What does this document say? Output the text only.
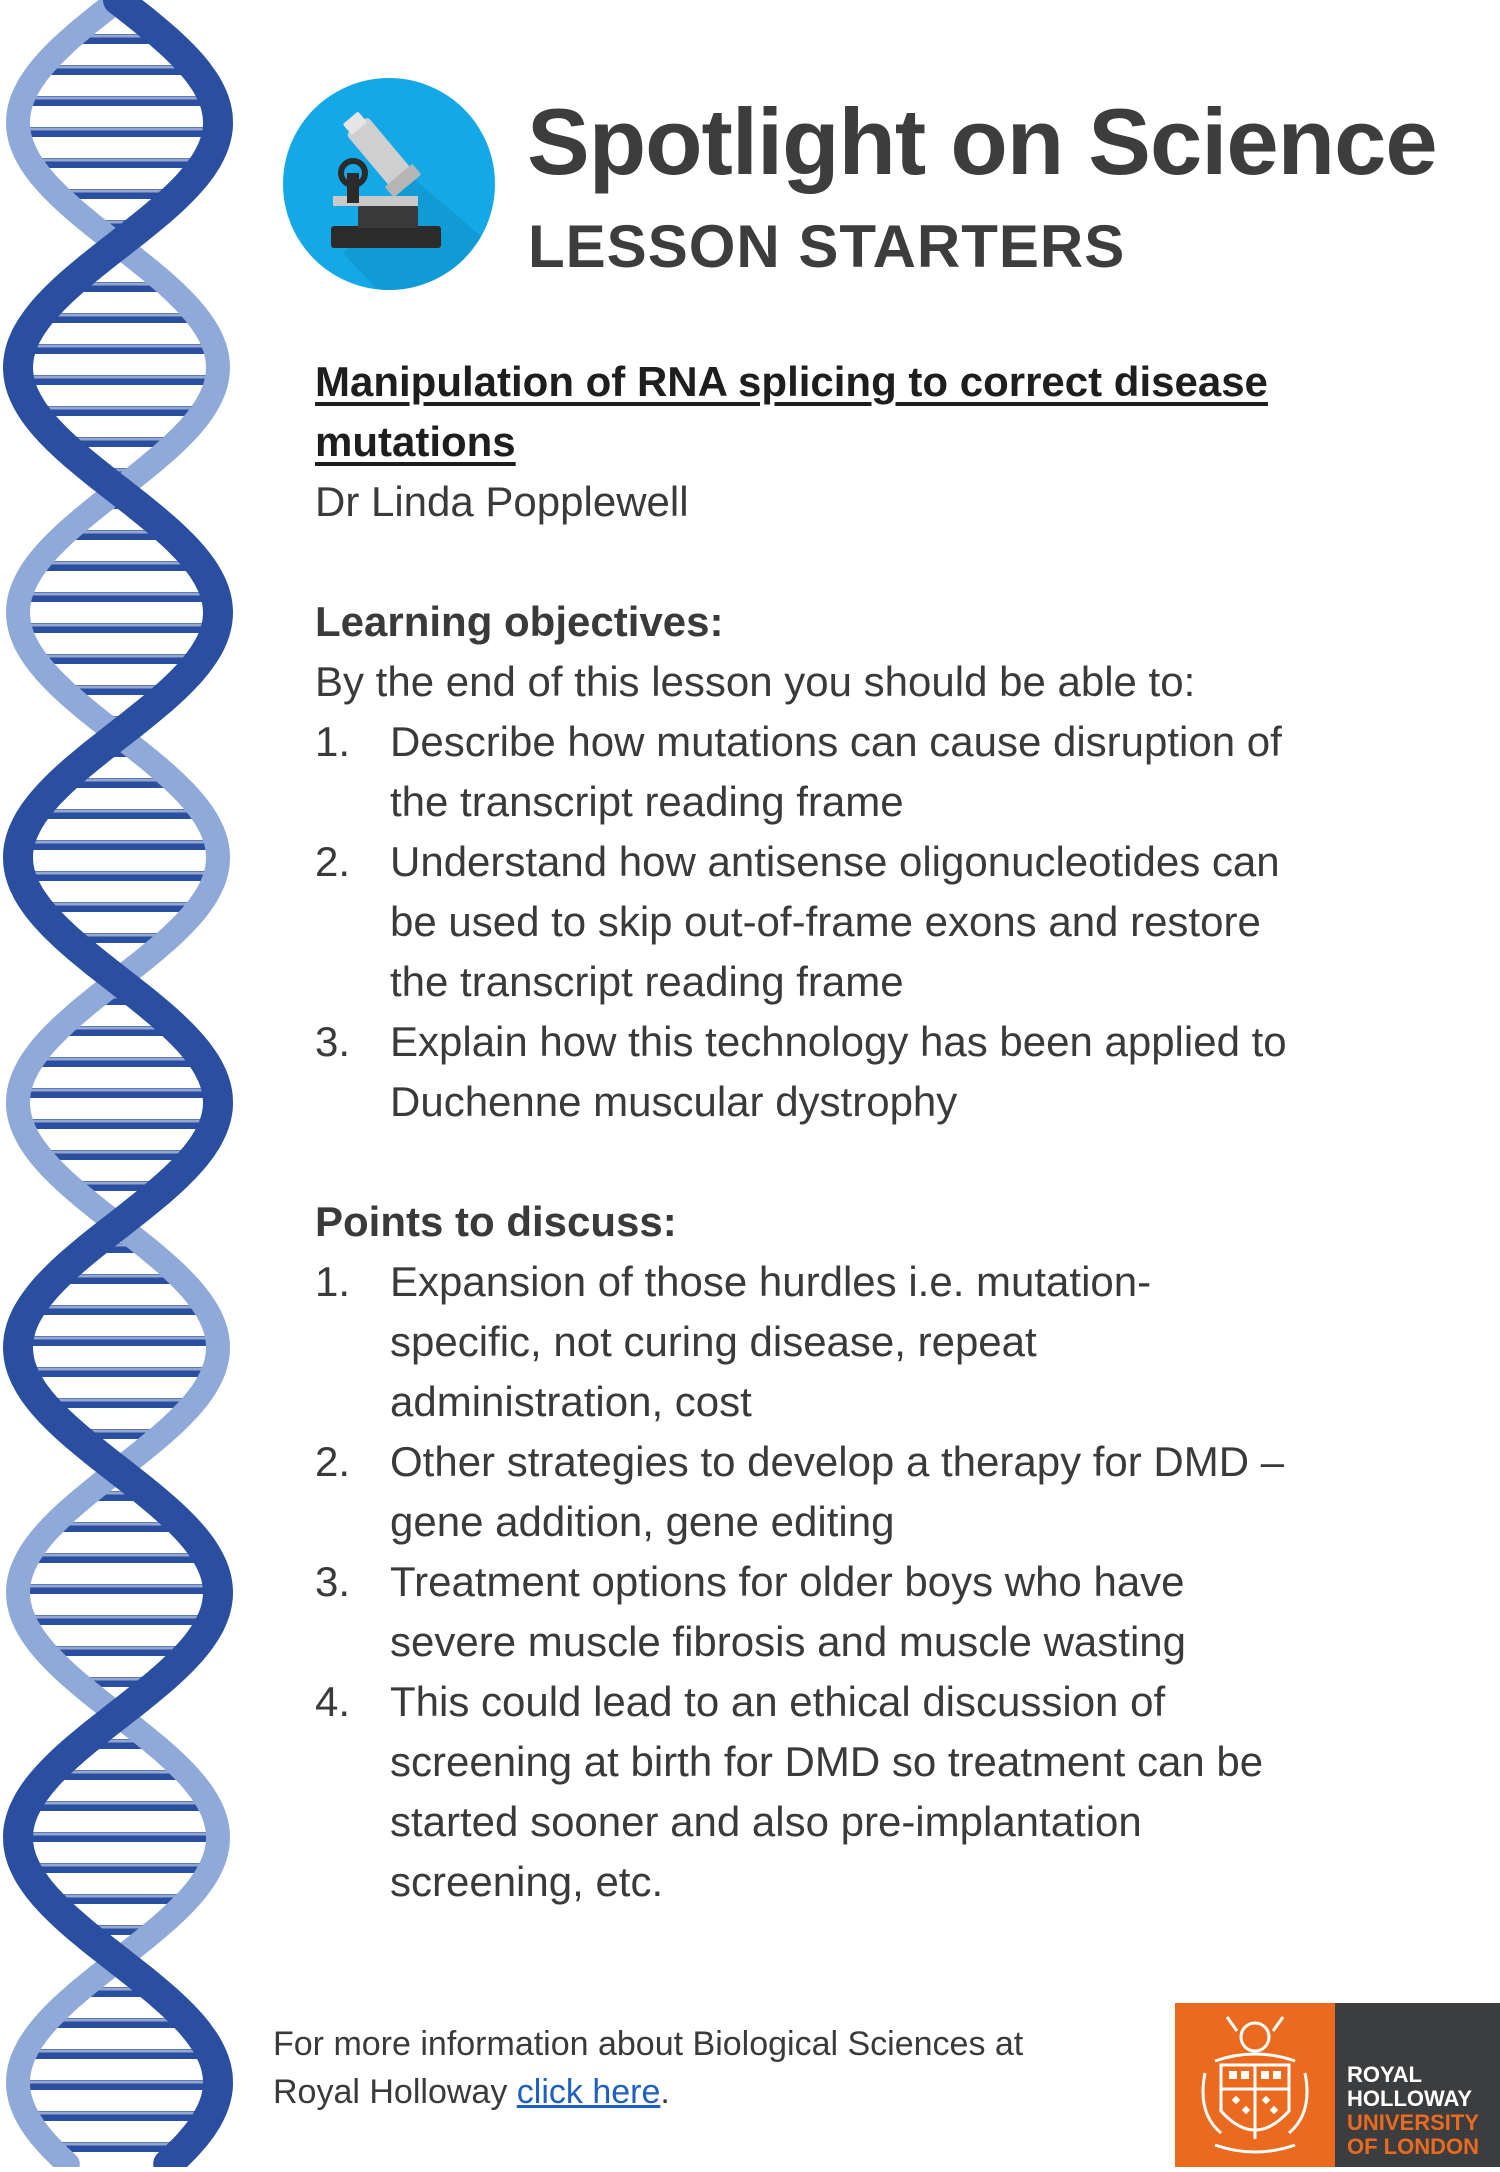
Spotlight on Science
LESSON STARTERS
Manipulation of RNA splicing to correct disease
mutations
Dr Linda Popplewell
Learning objectives:
By the end of this lesson you should be able to:
1. Describe how mutations can cause disruption of
the transcript reading frame
2. Understand how antisense oligonucleotides can
be used to skip out-of-frame exons and restore
the transcript reading frame
3. Explain how this technology has been applied to
Duchenne muscular dystrophy
Points to discuss:
1. Expansion of those hurdles i.e. mutation-
specific, not curing disease, repeat
administration, cost
2. Other strategies to develop a therapy for DMD –
gene addition, gene editing
3. Treatment options for older boys who have
severe muscle fibrosis and muscle wasting
4. This could lead to an ethical discussion of
screening at birth for DMD so treatment can be
started sooner and also pre-implantation
screening, etc.
For more information about Biological Sciences at
Royal Holloway click here.	ROYAL
HOLLOWAY
UNIVERSITY
OF LONDON
